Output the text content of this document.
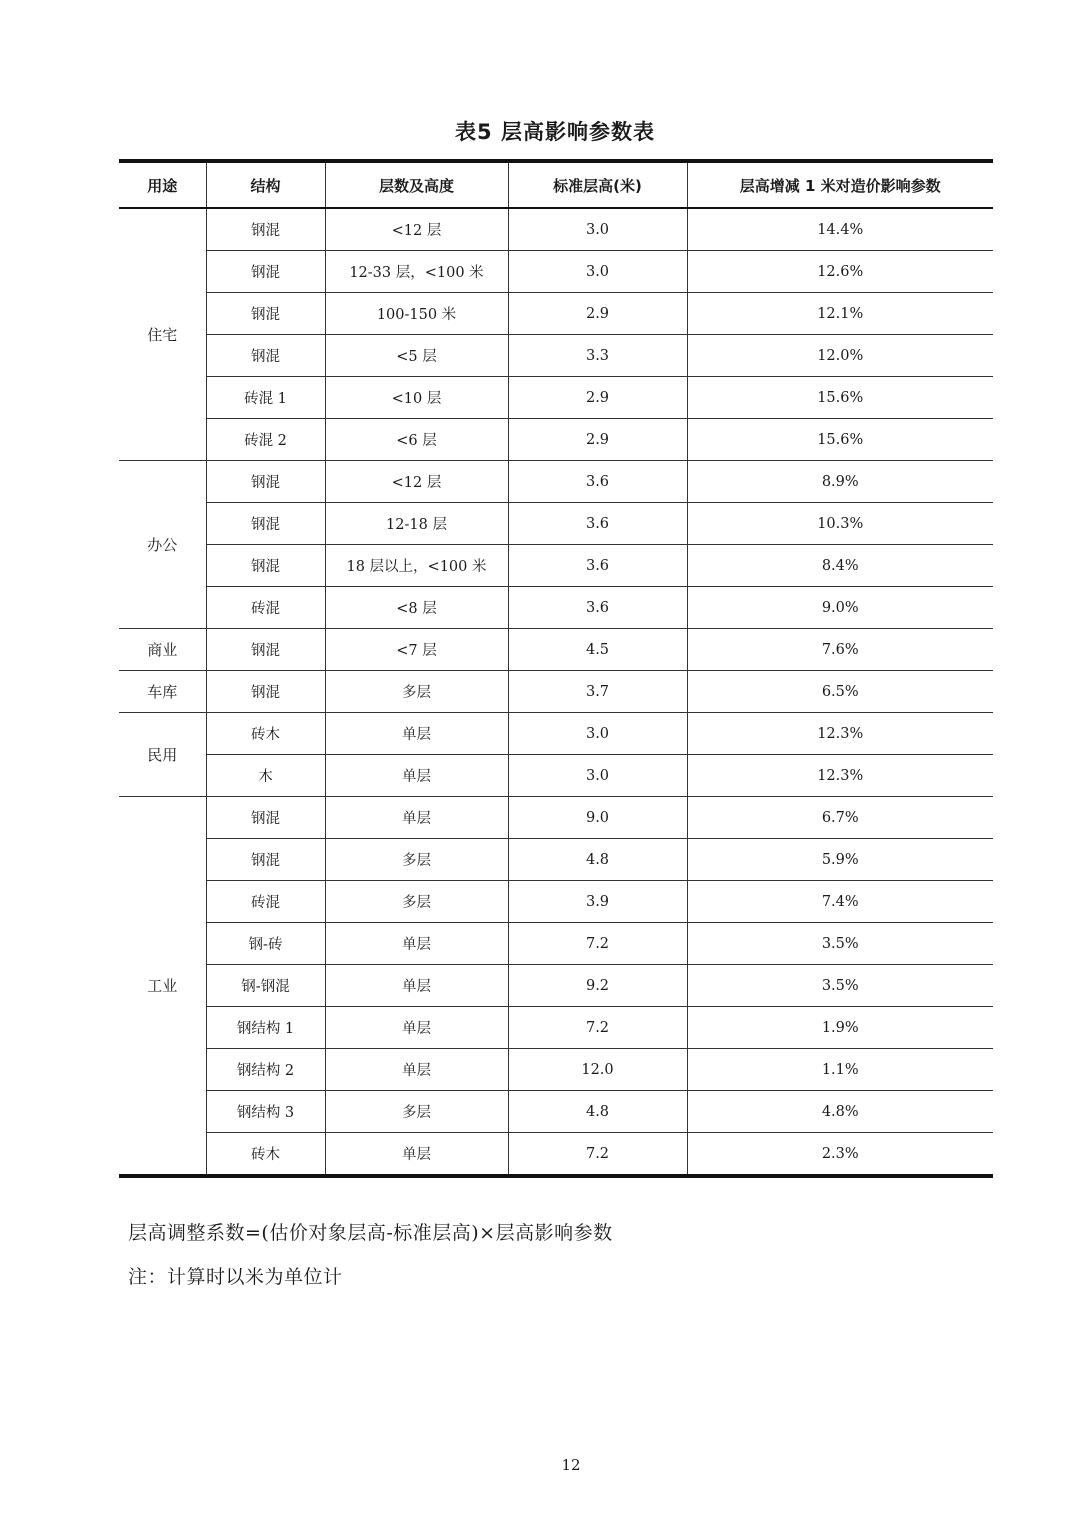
表5 层高影响参数表
用途	结构	层数及高度	标准层高(米)	层高增减 1 米对造价影响参数
住宅	钢混	<12 层	3.0	14.4%
	钢混	12-33 层，<100 米	3.0	12.6%
	钢混	100-150 米	2.9	12.1%
	钢混	<5 层	3.3	12.0%
	砖混 1	<10 层	2.9	15.6%
	砖混 2	<6 层	2.9	15.6%
办公	钢混	<12 层	3.6	8.9%
	钢混	12-18 层	3.6	10.3%
	钢混	18 层以上，<100 米	3.6	8.4%
	砖混	<8 层	3.6	9.0%
商业	钢混	<7 层	4.5	7.6%
车库	钢混	多层	3.7	6.5%
民用	砖木	单层	3.0	12.3%
	木	单层	3.0	12.3%
工业	钢混	单层	9.0	6.7%
	钢混	多层	4.8	5.9%
	砖混	多层	3.9	7.4%
	钢-砖	单层	7.2	3.5%
	钢-钢混	单层	9.2	3.5%
	钢结构 1	单层	7.2	1.9%
	钢结构 2	单层	12.0	1.1%
	钢结构 3	多层	4.8	4.8%
	砖木	单层	7.2	2.3%
层高调整系数=(估价对象层高-标准层高)×层高影响参数
注：计算时以米为单位计
12
